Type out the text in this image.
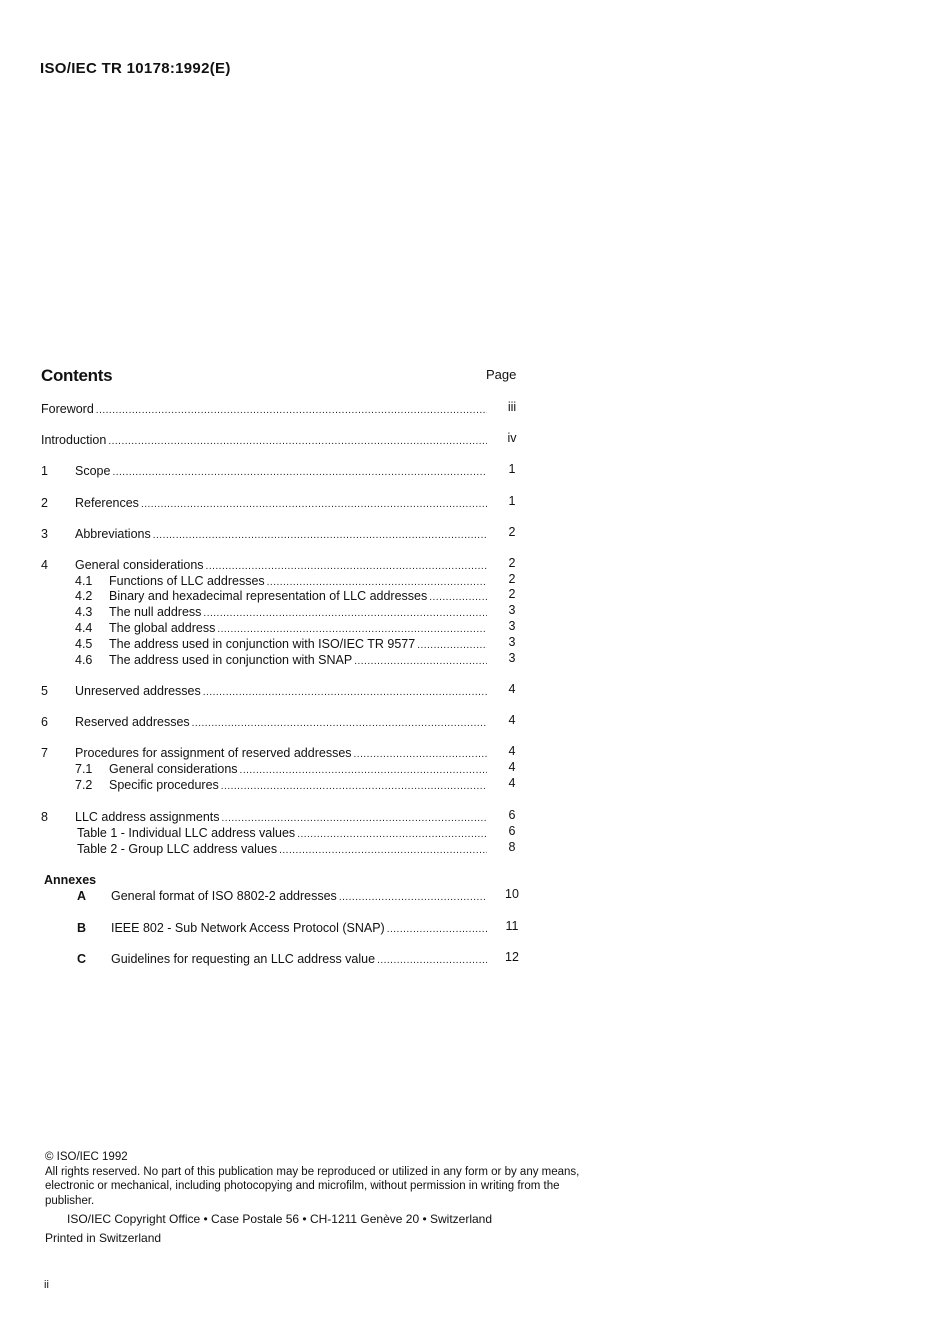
ISO/IEC TR 10178:1992(E)
Contents	Page
Foreword .....	iii
Introduction .....	iv
1	Scope .....	1
2	References .....	1
3	Abbreviations .....	2
4	General considerations .....	2
4.1	Functions of LLC addresses .....	2
4.2	Binary and hexadecimal representation of LLC addresses .....	2
4.3	The null address .....	3
4.4	The global address .....	3
4.5	The address used in conjunction with ISO/IEC TR 9577 .....	3
4.6	The address used in conjunction with SNAP .....	3
5	Unreserved addresses .....	4
6	Reserved addresses .....	4
7	Procedures for assignment of reserved addresses .....	4
7.1	General considerations .....	4
7.2	Specific procedures .....	4
8	LLC address assignments .....	6
Table 1 - Individual LLC address values .....	6
Table 2 - Group LLC address values .....	8
Annexes
A	General format of ISO 8802-2 addresses .....	10
B	IEEE 802 - Sub Network Access Protocol (SNAP) .....	11
C	Guidelines for requesting an LLC address value .....	12
© ISO/IEC 1992
All rights reserved. No part of this publication may be reproduced or utilized in any form or by any means, electronic or mechanical, including photocopying and microfilm, without permission in writing from the publisher.
ISO/IEC Copyright Office • Case Postale 56 • CH-1211 Genève 20 • Switzerland
Printed in Switzerland
ii
